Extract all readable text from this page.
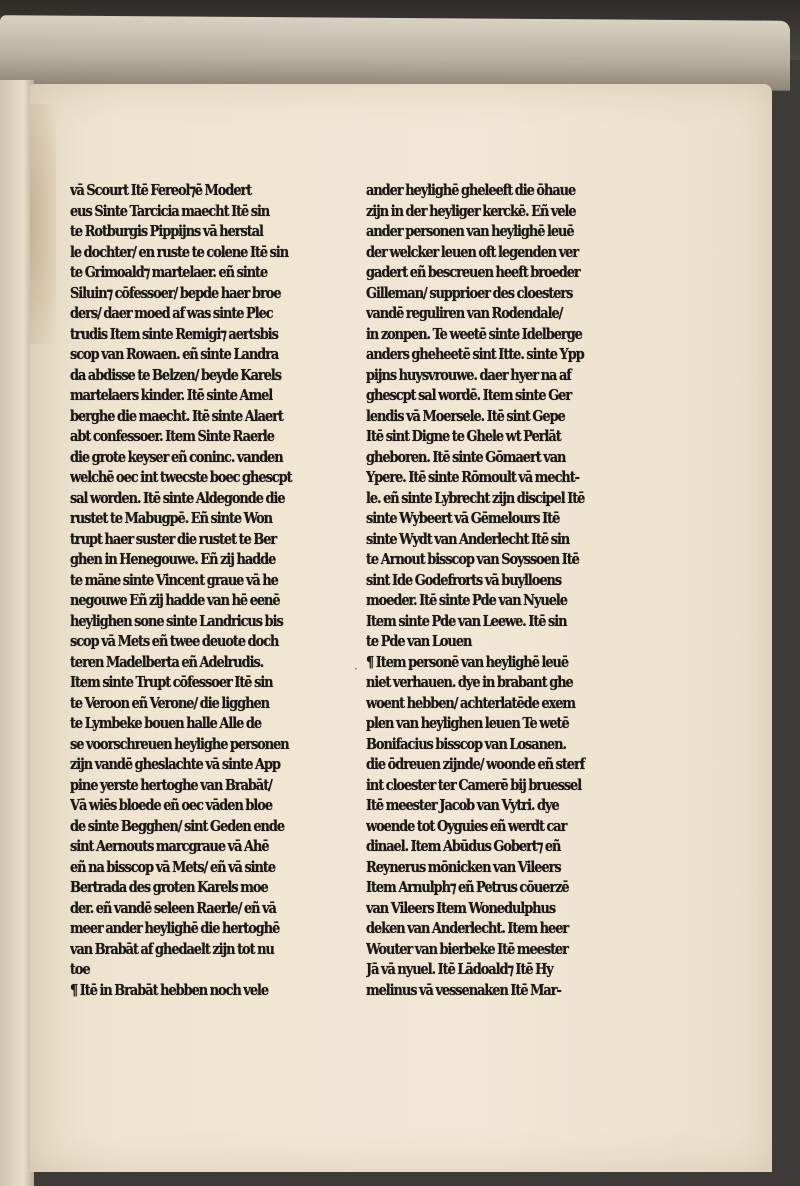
vā Scourt Itē Fereol⁊ē Modert
eus Sinte Tarcicia maecht Itē sin
te Rotburgis Pippijns vā herstal
le dochter/ en ruste te colene Itē sin
te Grimoald⁊ martelaer. eñ sinte
Siluin⁊ cōfessoer/ bepde haer broe
ders/ daer moed af was sinte Plec
trudis Item sinte Remigi⁊ aertsbis
scop van Rowaen. eñ sinte Landra
da abdisse te Belzen/ beyde Karels
martelaers kinder. Itē sinte Amel
berghe die maecht. Itē sinte Alaert
abt confessoer. Item Sinte Raerle
die grote keyser eñ coninc. vanden
welchē oec int twecste boec ghescpt
sal worden. Itē sinte Aldegonde die
rustet te Mabugpē. Eñ sinte Won
trupt haer suster die rustet te Ber
ghen in Henegouwe. Eñ zij hadde
te māne sinte Vincent graue vā he
negouwe Eñ zij hadde van hē eenē
heylighen sone sinte Landricus bis
scop vā Mets eñ twee deuote doch
teren Madelberta eñ Adelrudis.
Item sinte Trupt cōfessoer Itē sin
te Veroon eñ Verone/ die ligghen
te Lymbeke bouen halle Alle de
se voorschreuen heylighe personen
zijn vandē gheslachte vā sinte App
pine yerste hertoghe van Brabāt/
Vā wiēs bloede eñ oec vāden bloe
de sinte Begghen/ sint Geden ende
sint Aernouts marcgraue vā Ahē
eñ na bisscop vā Mets/ eñ vā sinte
Bertrada des groten Karels moe
der. eñ vandē seleen Raerle/ eñ vā
meer ander heylighē die hertoghē
van Brabāt af ghedaelt zijn tot nu
toe
¶ Itē in Brabāt hebben noch vele
ander heylighē gheleeft die ōhaue
zijn in der heyliger kerckē. Eñ vele
ander personen van heylighē leuē
der welcker leuen oft legenden ver
gadert eñ bescreuen heeft broeder
Gilleman/ supprioer des cloesters
vandē reguliren van Rodendale/
in zonpen. Te weetē sinte Idelberge
anders gheheetē sint Itte. sinte Ypp
pijns huysvrouwe. daer hyer na af
ghescpt sal wordē. Item sinte Ger
lendis vā Moersele. Itē sint Gepe
Itē sint Digne te Ghele wt Perlāt
gheboren. Itē sinte Gōmaert van
Ypere. Itē sinte Rōmoult vā mecht-
le. eñ sinte Lybrecht zijn discipel Itē
sinte Wybeert vā Gēmelours Itē
sinte Wydt van Anderlecht Itē sin
te Arnout bisscop van Soyssoen Itē
sint Ide Godefrorts vā buylloens
moeder. Itē sinte Pde van Nyuele
Item sinte Pde van Leewe. Itē sin
te Pde van Louen
¶ Item personē van heylighē leuē
niet verhauen. dye in brabant ghe
woent hebben/ achterlatēde exem
plen van heylighen leuen Te wetē
Bonifacius bisscop van Losanen.
die ōdreuen zijnde/ woonde eñ sterf
int cloester ter Camerē bij bruessel
Itē meester Jacob van Vytri. dye
woende tot Oyguies eñ werdt car
dinael. Item Abūdus Gobert⁊ eñ
Reynerus mōnicken van Vileers
Item Arnulph⁊ eñ Petrus cōuerzē
van Vileers Item Wonedulphus
deken van Anderlecht. Item heer
Wouter van bierbeke Itē meester
Jā vā nyuel. Itē Lādoald⁊ Itē Hy
melinus vā vessenaken Itē Mar-
·
